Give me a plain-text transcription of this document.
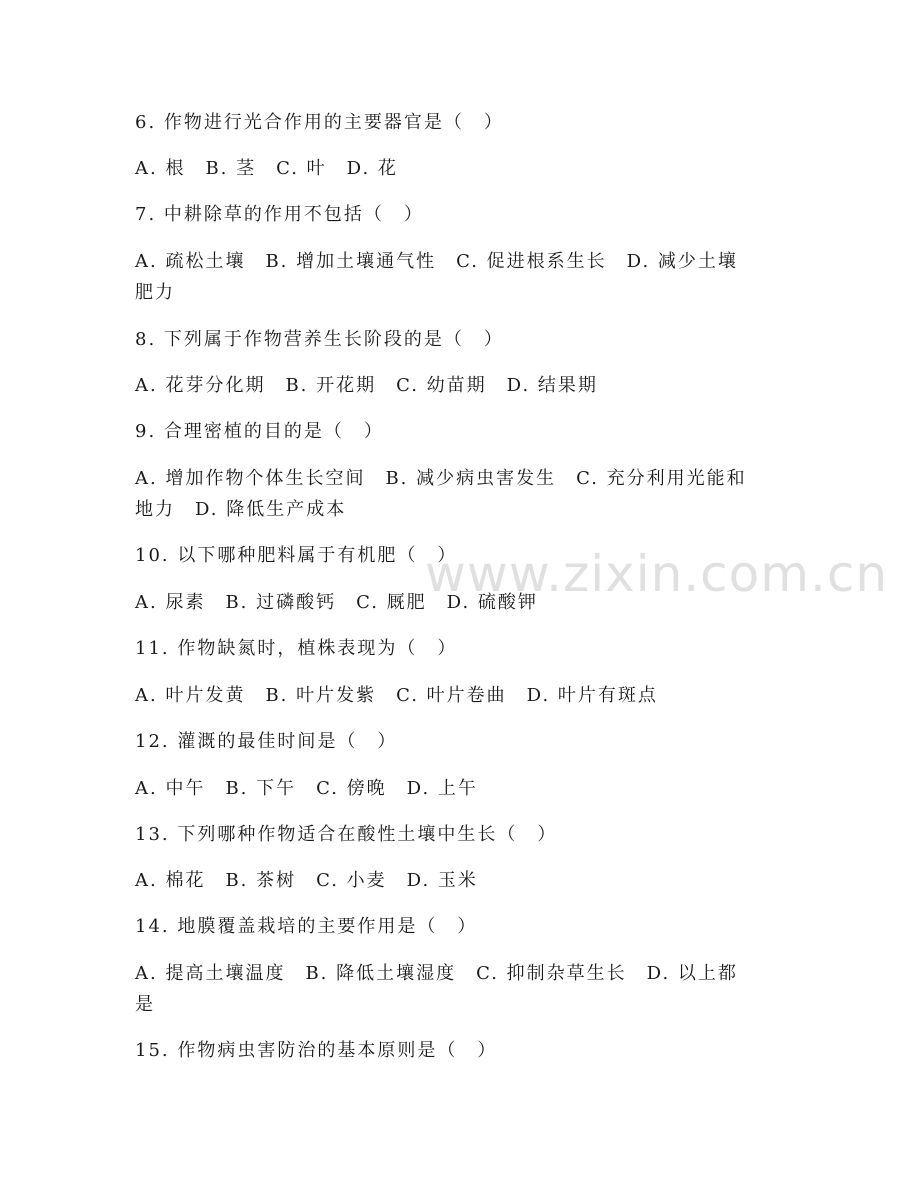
www.zixin.com.cn
6. 作物进行光合作用的主要器官是（　）
A. 根　B. 茎　C. 叶　D. 花
7. 中耕除草的作用不包括（　）
A. 疏松土壤　B. 增加土壤通气性　C. 促进根系生长　D. 减少土壤
肥力
8. 下列属于作物营养生长阶段的是（　）
A. 花芽分化期　B. 开花期　C. 幼苗期　D. 结果期
9. 合理密植的目的是（　）
A. 增加作物个体生长空间　B. 减少病虫害发生　C. 充分利用光能和
地力　D. 降低生产成本
10. 以下哪种肥料属于有机肥（　）
A. 尿素　B. 过磷酸钙　C. 厩肥　D. 硫酸钾
11. 作物缺氮时，植株表现为（　）
A. 叶片发黄　B. 叶片发紫　C. 叶片卷曲　D. 叶片有斑点
12. 灌溉的最佳时间是（　）
A. 中午　B. 下午　C. 傍晚　D. 上午
13. 下列哪种作物适合在酸性土壤中生长（　）
A. 棉花　B. 茶树　C. 小麦　D. 玉米
14. 地膜覆盖栽培的主要作用是（　）
A. 提高土壤温度　B. 降低土壤湿度　C. 抑制杂草生长　D. 以上都
是
15. 作物病虫害防治的基本原则是（　）
